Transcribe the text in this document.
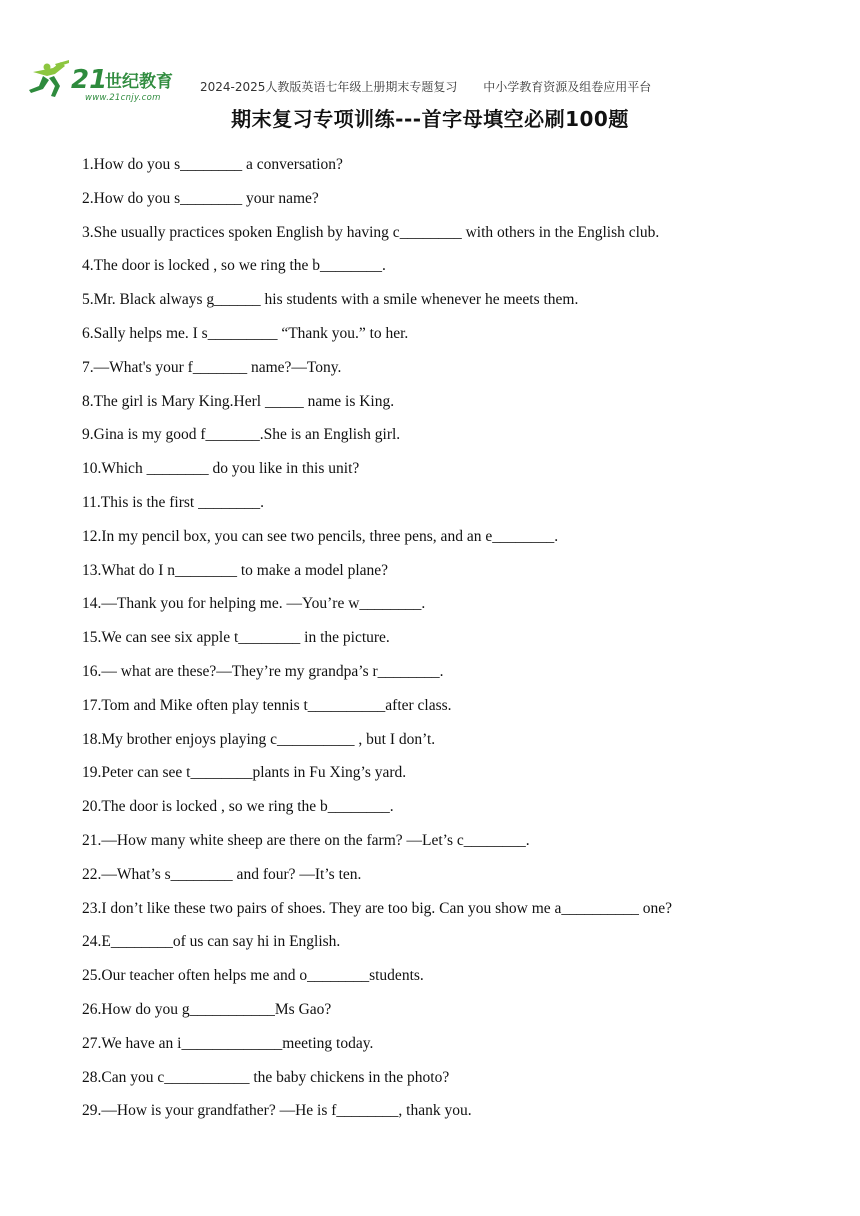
21
世纪教育
www.21cnjy.com
2024-2025人教版英语七年级上册期末专题复习 中小学教育资源及组卷应用平台
期末复习专项训练---首字母填空必刷100题
1.How do you s________ a conversation?
2.How do you s________ your name?
3.She usually practices spoken English by having c________ with others in the English club.
4.The door is locked , so we ring the b________.
5.Mr. Black always g______ his students with a smile whenever he meets them.
6.Sally helps me. I s_________ “Thank you.” to her.
7.—What's your f_______ name?—Tony.
8.The girl is Mary King.Herl _____ name is King.
9.Gina is my good f_______.She is an English girl.
10.Which ________ do you like in this unit?
11.This is the first ________.
12.In my pencil box, you can see two pencils, three pens, and an e________.
13.What do I n________ to make a model plane?
14.—Thank you for helping me. —You’re w________.
15.We can see six apple t________ in the picture.
16.— what are these?—They’re my grandpa’s r________.
17.Tom and Mike often play tennis t__________after class.
18.My brother enjoys playing c__________ , but I don’t.
19.Peter can see t________plants in Fu Xing’s yard.
20.The door is locked , so we ring the b________.
21.—How many white sheep are there on the farm? —Let’s c________.
22.—What’s s________ and four? —It’s ten.
23.I don’t like these two pairs of shoes. They are too big. Can you show me a__________ one?
24.E________of us can say hi in English.
25.Our teacher often helps me and o________students.
26.How do you g___________Ms Gao?
27.We have an i_____________meeting today.
28.Can you c___________ the baby chickens in the photo?
29.—How is your grandfather? —He is f________, thank you.
